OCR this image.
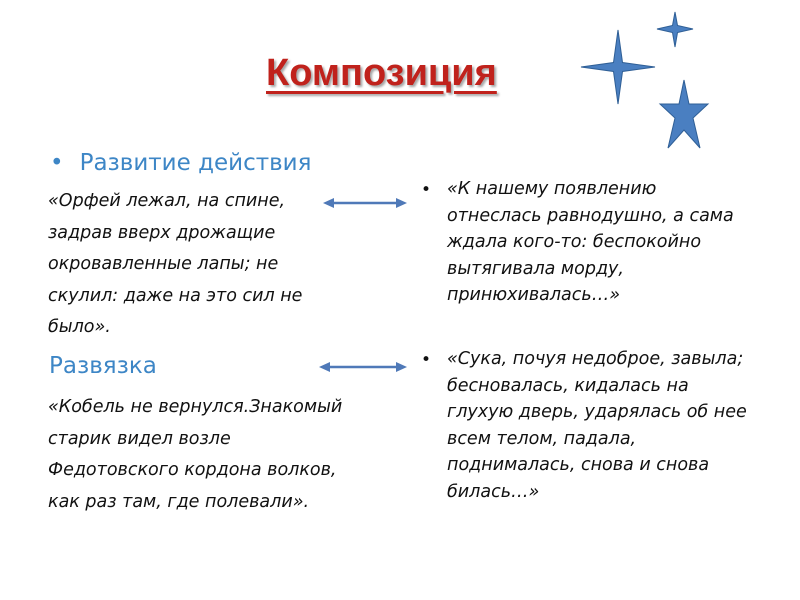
Композиция
• Развитие действия
«Орфей лежал, на спине,
задрав вверх дрожащие
окровавленные лапы; не
скулил: даже на это сил не
было».
Развязка
«Кобель не вернулся.Знакомый
старик видел возле
Федотовского кордона волков,
как раз там, где полевали».
• «К нашему появлению
отнеслась равнодушно, а сама
ждала кого-то: беспокойно
вытягивала морду,
принюхивалась…»
• «Сука, почуя недоброе, завыла;
бесновалась, кидалась на
глухую дверь, ударялась об нее
всем телом, падала,
поднималась, снова и снова
билась…»
